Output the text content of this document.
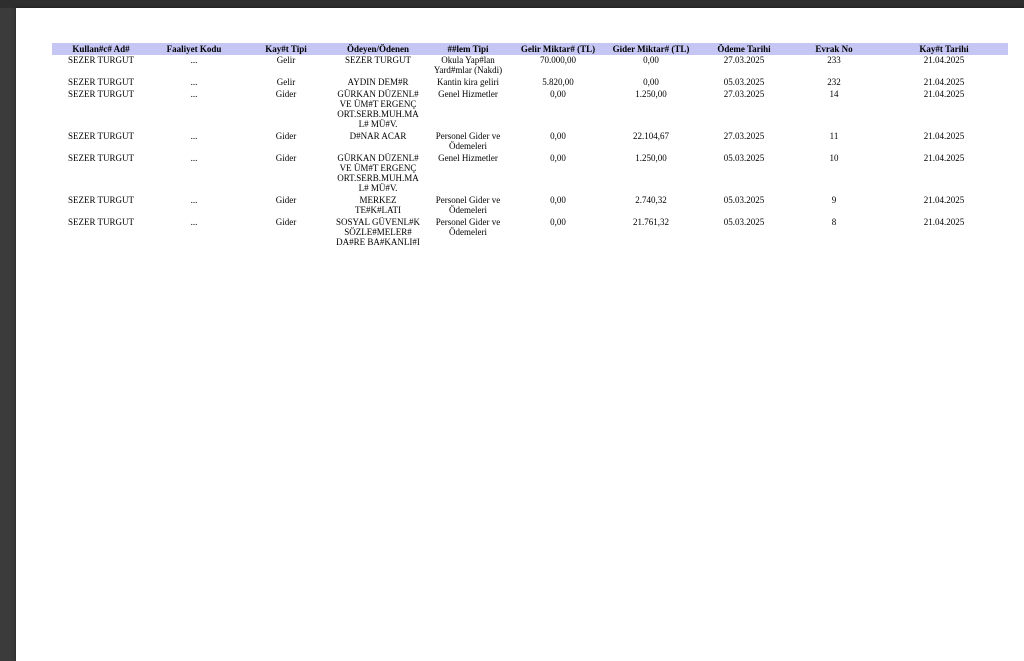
Kullan#c# Ad#	Faaliyet Kodu	Kay#t Tipi	Ödeyen/Ödenen	##lem Tipi	Gelir Miktar# (TL)	Gider Miktar# (TL)	Ödeme Tarihi	Evrak No	Kay#t Tarihi
SEZER TURGUT	...	Gelir	SEZER TURGUT	Okula Yap#lan Yard#mlar (Nakdi)	70.000,00	0,00	27.03.2025	233	21.04.2025
SEZER TURGUT	...	Gelir	AYDIN DEM#R	Kantin kira geliri	5.820,00	0,00	05.03.2025	232	21.04.2025
SEZER TURGUT	...	Gider	GÜRKAN DÜZENL# VE ÜM#T ERGENÇ ORT.SERB.MUH.MAL# MÜ#V.	Genel Hizmetler	0,00	1.250,00	27.03.2025	14	21.04.2025
SEZER TURGUT	...	Gider	D#NAR ACAR	Personel Gider ve Ödemeleri	0,00	22.104,67	27.03.2025	11	21.04.2025
SEZER TURGUT	...	Gider	GÜRKAN DÜZENL# VE ÜM#T ERGENÇ ORT.SERB.MUH.MAL# MÜ#V.	Genel Hizmetler	0,00	1.250,00	05.03.2025	10	21.04.2025
SEZER TURGUT	...	Gider	MERKEZ TE#K#LATI	Personel Gider ve Ödemeleri	0,00	2.740,32	05.03.2025	9	21.04.2025
SEZER TURGUT	...	Gider	SOSYAL GÜVENL#K SÖZLE#MELER# DA#RE BA#KANLI#I	Personel Gider ve Ödemeleri	0,00	21.761,32	05.03.2025	8	21.04.2025
